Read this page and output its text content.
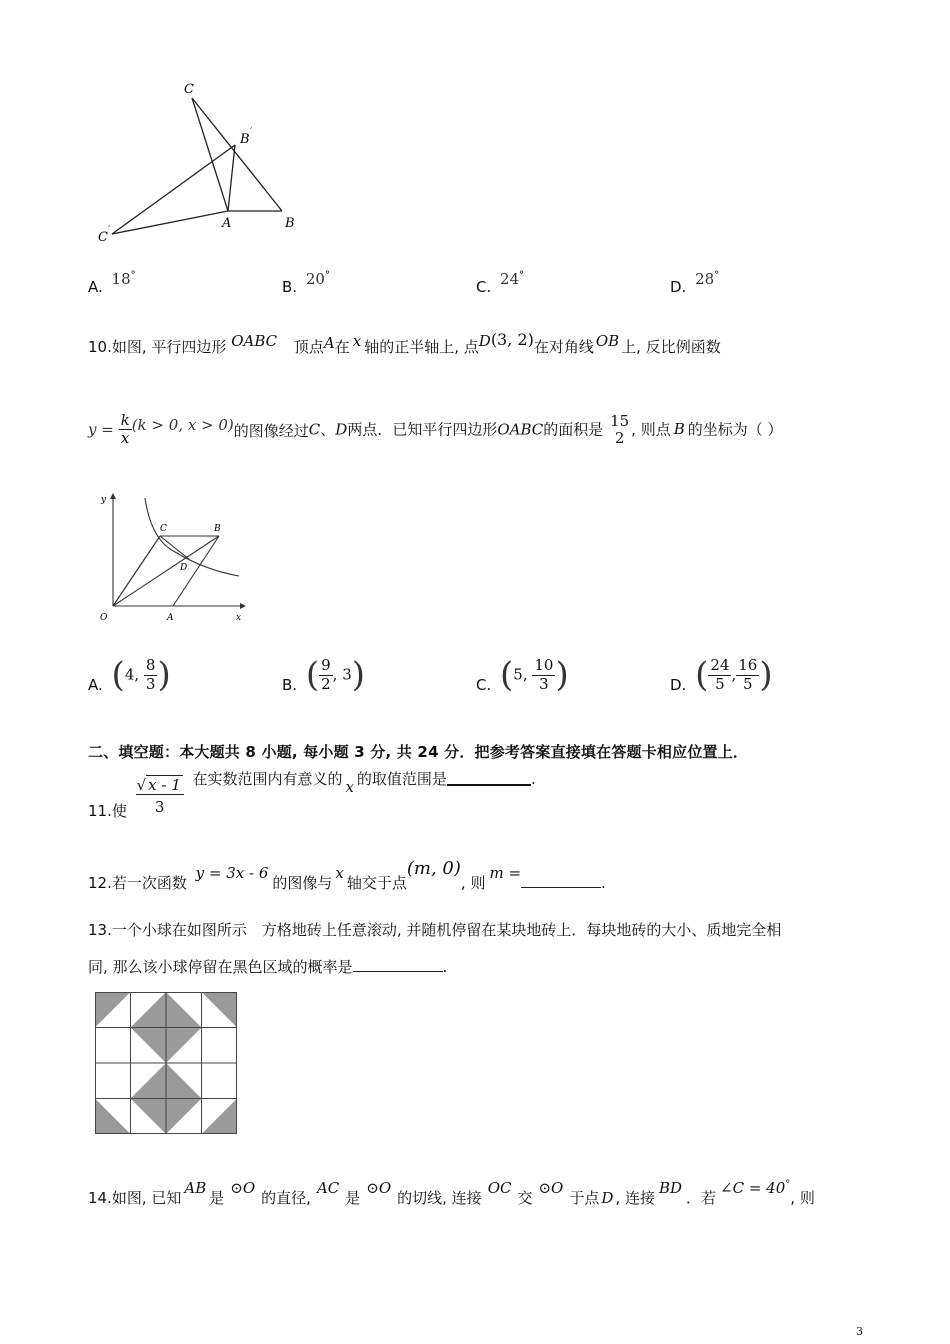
C
B ′
A	B
C ′
A. 18°
B. 20°
C. 24°
D. 28°
10.如图, 平行四边形 OABC 顶点A在 x 轴的正半轴上, 点D(3, 2)在对角线 OB 上, 反比例函数
$y = \frac{k}{x} (k > 0$, x > 0)的图像经过C、D两点．已知平行四边形OABC的面积是 15
2 , 则点 B 的坐标为（ ）
y
x
O	A
C	B
D
A. (4, $\frac{8}{3}$ )	B. ( $\frac{9}{2}$ , 3)	C. (5, $\frac{10}{3}$ )	D. ( $\frac{24}{5}$ , $\frac{16}{5}$ )
二、填空题：本大题共 8 小题, 每小题 3 分, 共 24 分．把参考答案直接填在答题卡相应位置上．
11.使 $\frac{√ x - 1}{3}$ 在实数范围内有意义的 x 的取值范围是	.
12.若一次函数 y = 3x - 6的图像与x轴交于点(m, 0), 则m =.
13.一个小球在如图所示　方格地砖上任意滚动, 并随机停留在某块地砖上．每块地砖的大小、质地完全相
同, 那么该小球停留在黑色区域的概率是	.
14.如图, 已知AB是⊙O的直径,AC是⊙O的切线, 连接OC交⊙O于点 D , 连接BD．若∠C = 40°, 则
3
